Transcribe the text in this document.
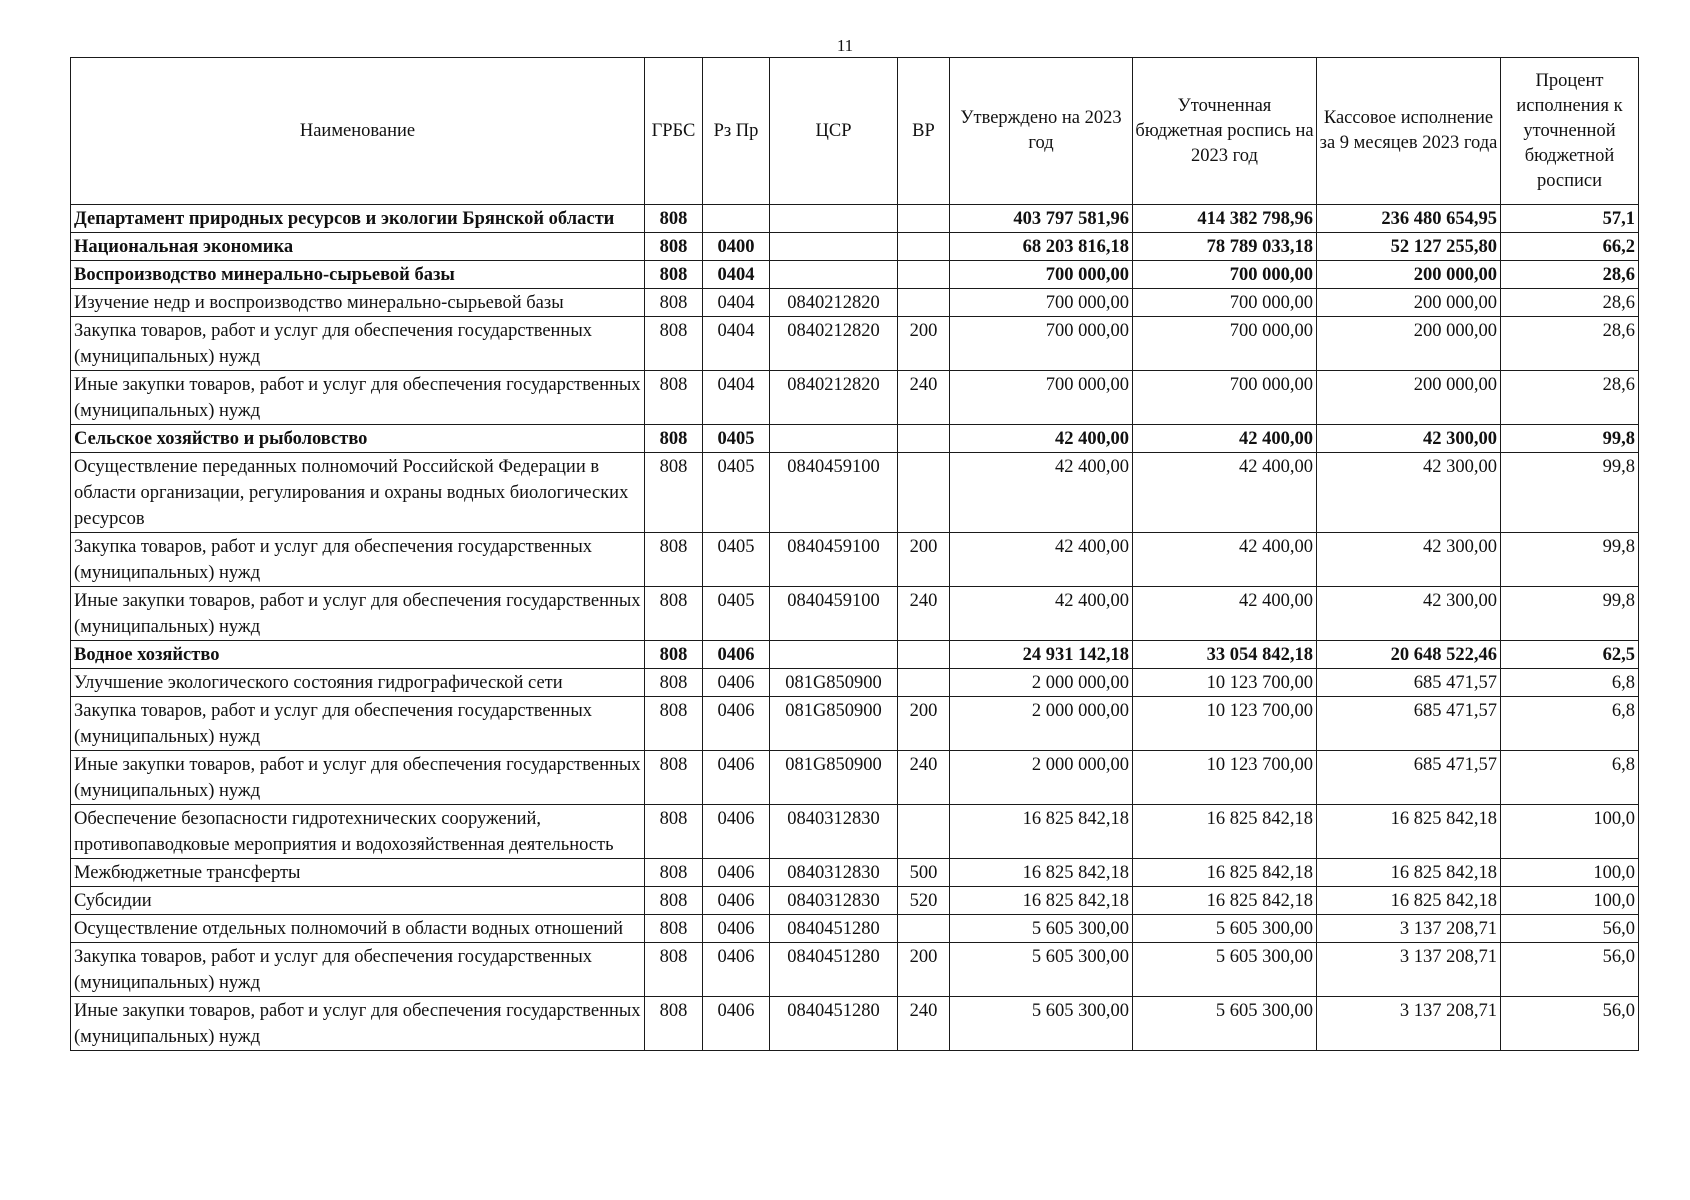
11
Наименование	ГРБС	Рз Пр	ЦСР	ВР	Утверждено на 2023 год	Уточненная бюджетная роспись на 2023 год	Кассовое исполнение за 9 месяцев 2023 года	Процент исполнения к уточненной бюджетной росписи
Департамент природных ресурсов и экологии Брянской области	808				403 797 581,96	414 382 798,96	236 480 654,95	57,1
Национальная экономика	808	0400			68 203 816,18	78 789 033,18	52 127 255,80	66,2
Воспроизводство минерально-сырьевой базы	808	0404			700 000,00	700 000,00	200 000,00	28,6
Изучение недр и воспроизводство минерально-сырьевой базы	808	0404	0840212820		700 000,00	700 000,00	200 000,00	28,6
Закупка товаров, работ и услуг для обеспечения государственных (муниципальных) нужд	808	0404	0840212820	200	700 000,00	700 000,00	200 000,00	28,6
Иные закупки товаров, работ и услуг для обеспечения государственных (муниципальных) нужд	808	0404	0840212820	240	700 000,00	700 000,00	200 000,00	28,6
Сельское хозяйство и рыболовство	808	0405			42 400,00	42 400,00	42 300,00	99,8
Осуществление переданных полномочий Российской Федерации в области организации, регулирования и охраны водных биологических ресурсов	808	0405	0840459100		42 400,00	42 400,00	42 300,00	99,8
Закупка товаров, работ и услуг для обеспечения государственных (муниципальных) нужд	808	0405	0840459100	200	42 400,00	42 400,00	42 300,00	99,8
Иные закупки товаров, работ и услуг для обеспечения государственных (муниципальных) нужд	808	0405	0840459100	240	42 400,00	42 400,00	42 300,00	99,8
Водное хозяйство	808	0406			24 931 142,18	33 054 842,18	20 648 522,46	62,5
Улучшение экологического состояния гидрографической сети	808	0406	081G850900		2 000 000,00	10 123 700,00	685 471,57	6,8
Закупка товаров, работ и услуг для обеспечения государственных (муниципальных) нужд	808	0406	081G850900	200	2 000 000,00	10 123 700,00	685 471,57	6,8
Иные закупки товаров, работ и услуг для обеспечения государственных (муниципальных) нужд	808	0406	081G850900	240	2 000 000,00	10 123 700,00	685 471,57	6,8
Обеспечение безопасности гидротехнических сооружений, противопаводковые мероприятия и водохозяйственная деятельность	808	0406	0840312830		16 825 842,18	16 825 842,18	16 825 842,18	100,0
Межбюджетные трансферты	808	0406	0840312830	500	16 825 842,18	16 825 842,18	16 825 842,18	100,0
Субсидии	808	0406	0840312830	520	16 825 842,18	16 825 842,18	16 825 842,18	100,0
Осуществление отдельных полномочий в области водных отношений	808	0406	0840451280		5 605 300,00	5 605 300,00	3 137 208,71	56,0
Закупка товаров, работ и услуг для обеспечения государственных (муниципальных) нужд	808	0406	0840451280	200	5 605 300,00	5 605 300,00	3 137 208,71	56,0
Иные закупки товаров, работ и услуг для обеспечения государственных (муниципальных) нужд	808	0406	0840451280	240	5 605 300,00	5 605 300,00	3 137 208,71	56,0
